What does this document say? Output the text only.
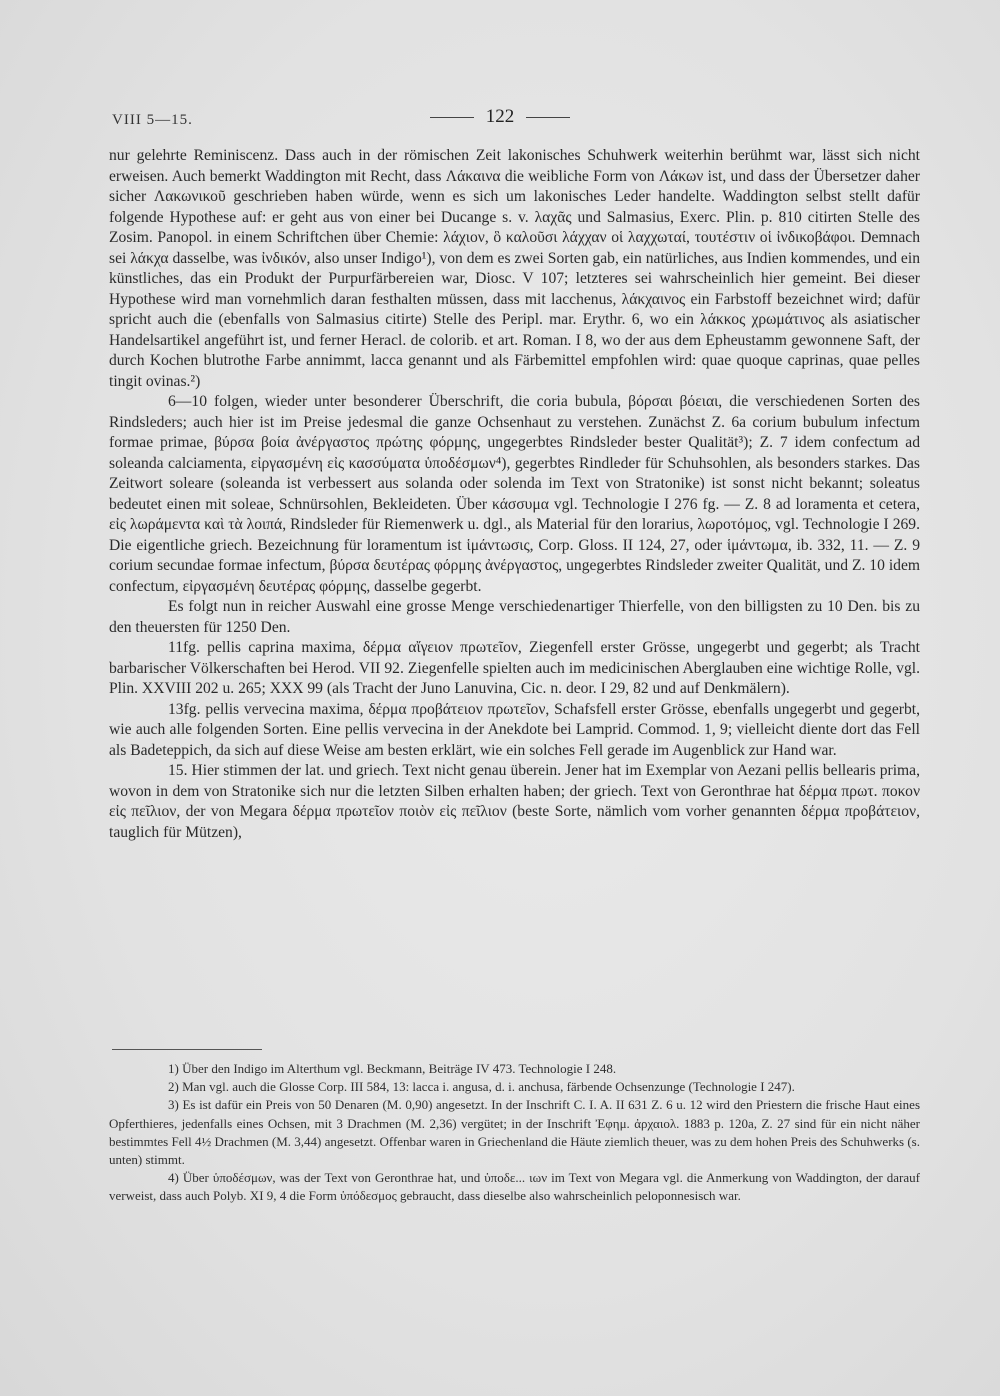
VIII 5—15.	122

nur gelehrte Reminiscenz. Dass auch in der römischen Zeit lakonisches Schuhwerk weiterhin berühmt war, lässt sich nicht erweisen. Auch bemerkt Waddington mit Recht, dass Λάκαινα die weibliche Form von Λάκων ist, und dass der Übersetzer daher sicher Λακωνικοῦ geschrieben haben würde, wenn es sich um lakonisches Leder handelte. Waddington selbst stellt dafür folgende Hypothese auf: er geht aus von einer bei Ducange s. v. λαχᾶς und Salmasius, Exerc. Plin. p. 810 citirten Stelle des Zosim. Panopol. in einem Schriftchen über Chemie: λάχιον, ὃ καλοῦσι λάχχαν οἱ λαχχωταί, τουτέστιν οἱ ἰνδικοβάφοι. Demnach sei λάκχα dasselbe, was ἰνδικόν, also unser Indigo¹), von dem es zwei Sorten gab, ein natürliches, aus Indien kommendes, und ein künstliches, das ein Produkt der Purpurfärbereien war, Diosc. V 107; letzteres sei wahrscheinlich hier gemeint. Bei dieser Hypothese wird man vornehmlich daran festhalten müssen, dass mit lacchenus, λάκχαινος ein Farbstoff bezeichnet wird; dafür spricht auch die (ebenfalls von Salmasius citirte) Stelle des Peripl. mar. Erythr. 6, wo ein λάκκος χρωμάτινος als asiatischer Handelsartikel angeführt ist, und ferner Heracl. de colorib. et art. Roman. I 8, wo der aus dem Epheustamm gewonnene Saft, der durch Kochen blutrothe Farbe annimmt, lacca genannt und als Färbemittel empfohlen wird: quae quoque caprinas, quae pelles tingit ovinas.²)

6—10 folgen, wieder unter besonderer Überschrift, die coria bubula, βόρσαι βόειαι, die verschiedenen Sorten des Rindsleders; auch hier ist im Preise jedesmal die ganze Ochsenhaut zu verstehen. Zunächst Z. 6a corium bubulum infectum formae primae, βύρσα βοία ἀνέργαστος πρώτης φόρμης, ungegerbtes Rindsleder bester Qualität³); Z. 7 idem confectum ad soleanda calciamenta, εἰργασμένη εἰς κασσύματα ὑποδέσμων⁴), gegerbtes Rindleder für Schuhsohlen, als besonders starkes. Das Zeitwort soleare (soleanda ist verbessert aus solanda oder solenda im Text von Stratonike) ist sonst nicht bekannt; soleatus bedeutet einen mit soleae, Schnürsohlen, Bekleideten. Über κάσσυμα vgl. Technologie I 276 fg. — Z. 8 ad loramenta et cetera, εἰς λωράμεντα καὶ τὰ λοιπά, Rindsleder für Riemenwerk u. dgl., als Material für den lorarius, λωροτόμος, vgl. Technologie I 269. Die eigentliche griech. Bezeichnung für loramentum ist ἱμάντωσις, Corp. Gloss. II 124, 27, oder ἱμάντωμα, ib. 332, 11. — Z. 9 corium secundae formae infectum, βύρσα δευτέρας φόρμης ἀνέργαστος, ungegerbtes Rindsleder zweiter Qualität, und Z. 10 idem confectum, εἰργασμένη δευτέρας φόρμης, dasselbe gegerbt.

Es folgt nun in reicher Auswahl eine grosse Menge verschiedenartiger Thierfelle, von den billigsten zu 10 Den. bis zu den theuersten für 1250 Den.

11fg. pellis caprina maxima, δέρμα αἴγειον πρωτεῖον, Ziegenfell erster Grösse, ungegerbt und gegerbt; als Tracht barbarischer Völkerschaften bei Herod. VII 92. Ziegenfelle spielten auch im medicinischen Aberglauben eine wichtige Rolle, vgl. Plin. XXVIII 202 u. 265; XXX 99 (als Tracht der Juno Lanuvina, Cic. n. deor. I 29, 82 und auf Denkmälern).

13fg. pellis vervecina maxima, δέρμα προβάτειον πρωτεῖον, Schafsfell erster Grösse, ebenfalls ungegerbt und gegerbt, wie auch alle folgenden Sorten. Eine pellis vervecina in der Anekdote bei Lamprid. Commod. 1, 9; vielleicht diente dort das Fell als Badeteppich, da sich auf diese Weise am besten erklärt, wie ein solches Fell gerade im Augenblick zur Hand war.

15. Hier stimmen der lat. und griech. Text nicht genau überein. Jener hat im Exemplar von Aezani pellis bellearis prima, wovon in dem von Stratonike sich nur die letzten Silben erhalten haben; der griech. Text von Geronthrae hat δέρμα πρωτ. ποκον εἰς πεῖλιον, der von Megara δέρμα πρωτεῖον ποιὸν εἰς πεῖλιον (beste Sorte, nämlich vom vorher genannten δέρμα προβάτειον, tauglich für Mützen),

1) Über den Indigo im Alterthum vgl. Beckmann, Beiträge IV 473. Technologie I 248.

2) Man vgl. auch die Glosse Corp. III 584, 13: lacca i. angusa, d. i. anchusa, färbende Ochsenzunge (Technologie I 247).

3) Es ist dafür ein Preis von 50 Denaren (M. 0,90) angesetzt. In der Inschrift C. I. A. II 631 Z. 6 u. 12 wird den Priestern die frische Haut eines Opferthieres, jedenfalls eines Ochsen, mit 3 Drachmen (M. 2,36) vergütet; in der Inschrift Ἐφημ. ἀρχαιολ. 1883 p. 120a, Z. 27 sind für ein nicht näher bestimmtes Fell 4½ Drachmen (M. 3,44) angesetzt. Offenbar waren in Griechenland die Häute ziemlich theuer, was zu dem hohen Preis des Schuhwerks (s. unten) stimmt.

4) Über ὑποδέσμων, was der Text von Geronthrae hat, und ὑποδε... ιων im Text von Megara vgl. die Anmerkung von Waddington, der darauf verweist, dass auch Polyb. XI 9, 4 die Form ὑπόδεσμος gebraucht, dass dieselbe also wahrscheinlich peloponnesisch war.
